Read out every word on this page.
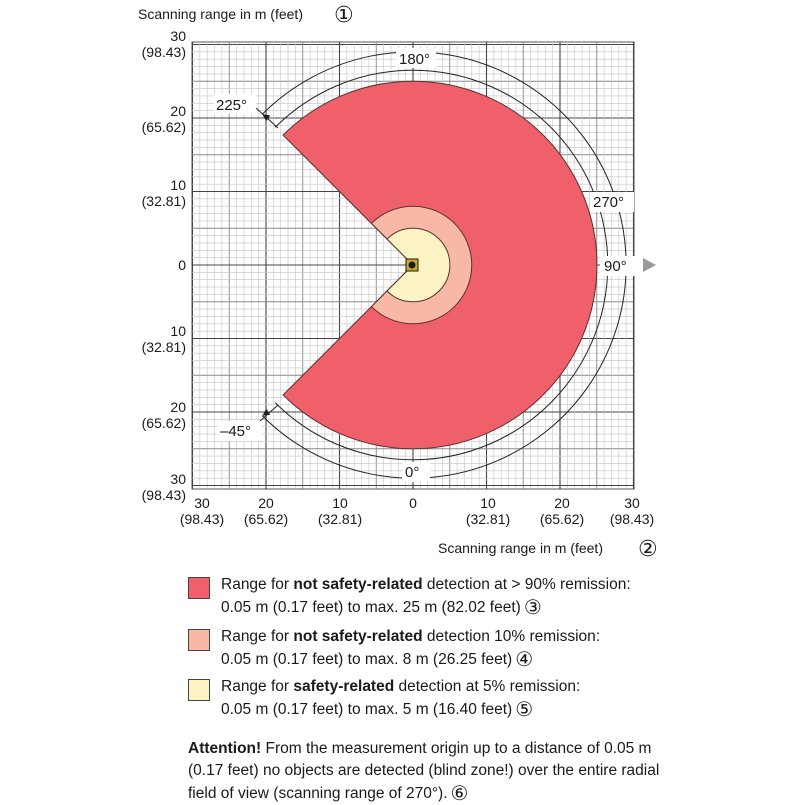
Scanning range in m (feet) ①
180°
225°
270°
90°
–45°
0°
30
(98.43)
20
(65.62)
10
(32.81)
0
10
(32.81)
20
(65.62)
30
(98.43) 30
(98.43)
20
(65.62)
10
(32.81)
0	10
(32.81)
20
(65.62)
30
(98.43)
Scanning range in m (feet) ②
Range for not safety-related detection at > 90% remission:
0.05 m (0.17 feet) to max. 25 m (82.02 feet) ③
Range for not safety-related detection 10% remission:
0.05 m (0.17 feet) to max. 8 m (26.25 feet) ④
Range for safety-related detection at 5% remission:
0.05 m (0.17 feet) to max. 5 m (16.40 feet) ⑤
Attention! From the measurement origin up to a distance of 0.05 m (0.17 feet) no objects are detected (blind zone!) over the entire radial field of view (scanning range of 270°). ⑥
